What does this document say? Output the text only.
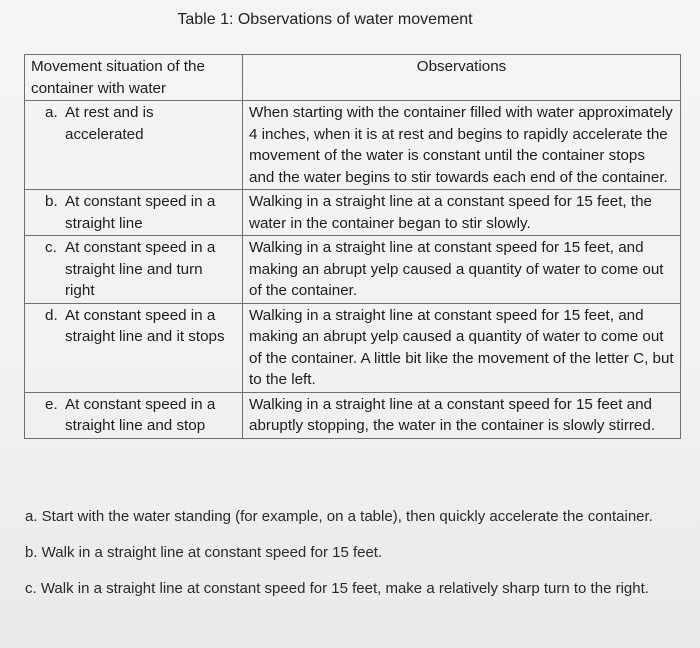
Table 1: Observations of water movement
Movement situation of the container with water	Observations

a. At rest and is accelerated	When starting with the container filled with water approximately 4 inches, when it is at rest and begins to rapidly accelerate the movement of the water is constant until the container stops and the water begins to stir towards each end of the container.

b. At constant speed in a straight line	Walking in a straight line at a constant speed for 15 feet, the water in the container began to stir slowly.

c. At constant speed in a straight line and turn right	Walking in a straight line at constant speed for 15 feet, and making an abrupt yelp caused a quantity of water to come out of the container.

d. At constant speed in a straight line and it stops	Walking in a straight line at constant speed for 15 feet, and making an abrupt yelp caused a quantity of water to come out of the container. A little bit like the movement of the letter C, but to the left.

e. At constant speed in a straight line and stop	Walking in a straight line at a constant speed for 15 feet and abruptly stopping, the water in the container is slowly stirred.

a. Start with the water standing (for example, on a table), then quickly accelerate the container.

b. Walk in a straight line at constant speed for 15 feet.

c. Walk in a straight line at constant speed for 15 feet, make a relatively sharp turn to the right.
